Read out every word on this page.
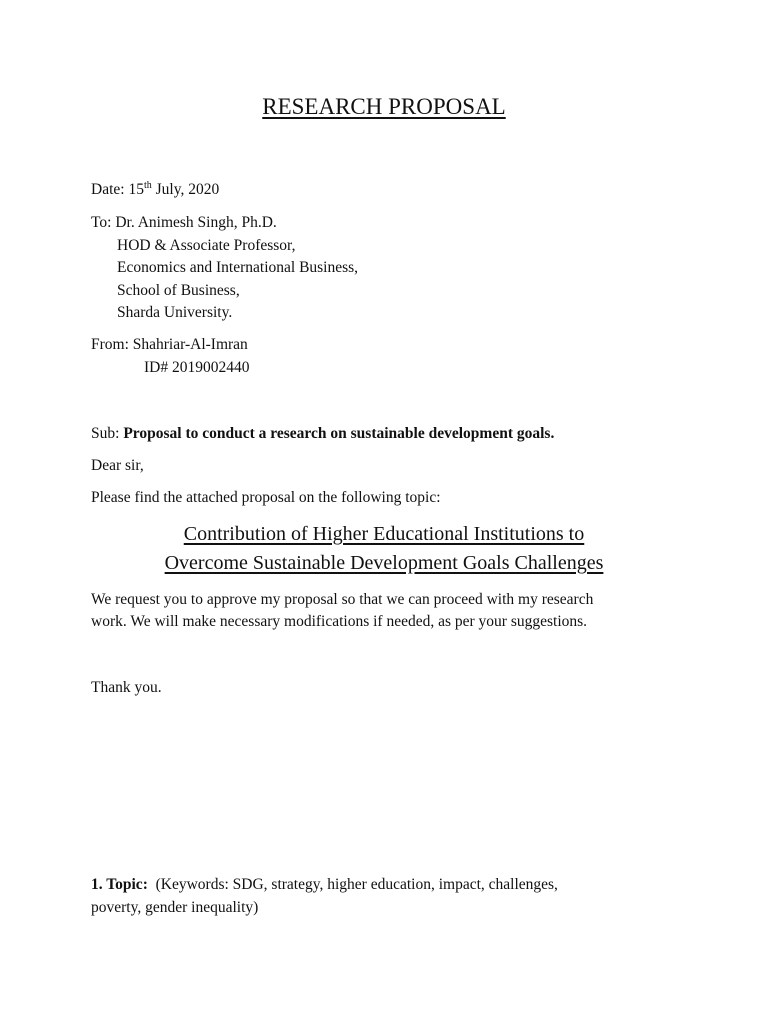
RESEARCH PROPOSAL
Date: 15th July, 2020
To: Dr. Animesh Singh, Ph.D.
HOD & Associate Professor,
Economics and International Business,
School of Business,
Sharda University.
From: Shahriar-Al-Imran
ID# 2019002440
Sub: Proposal to conduct a research on sustainable development goals.
Dear sir,
Please find the attached proposal on the following topic:
Contribution of Higher Educational Institutions to
Overcome Sustainable Development Goals Challenges
We request you to approve my proposal so that we can proceed with my research
work. We will make necessary modifications if needed, as per your suggestions.
Thank you.
1. Topic: (Keywords: SDG, strategy, higher education, impact, challenges,
poverty, gender inequality)
